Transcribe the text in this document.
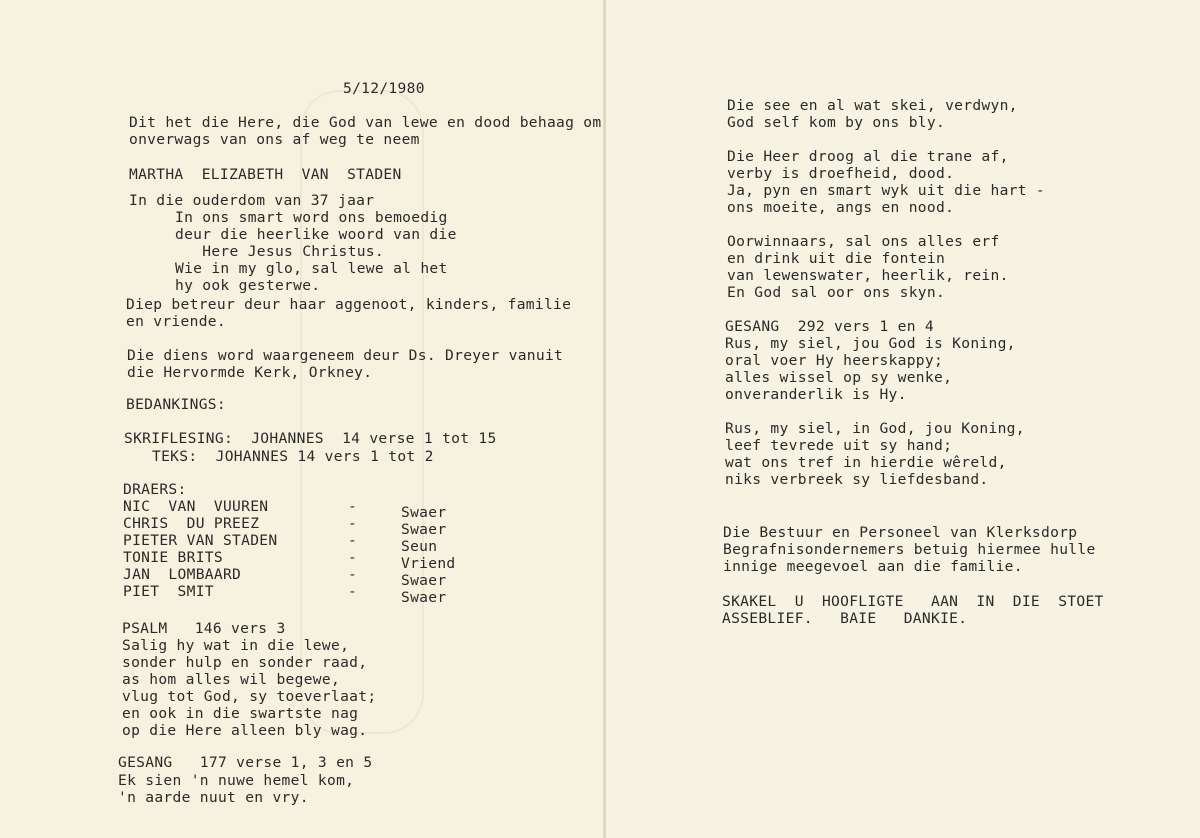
5/12/1980
Dit het die Here, die God van lewe en dood behaag om
onverwags van ons af weg te neem
MARTHA  ELIZABETH  VAN  STADEN
In die ouderdom van 37 jaar
In ons smart word ons bemoedig
deur die heerlike woord van die
Here Jesus Christus.
Wie in my glo, sal lewe al het
hy ook gesterwe.
Diep betreur deur haar aggenoot, kinders, familie
en vriende.
Die diens word waargeneem deur Ds. Dreyer vanuit
die Hervormde Kerk, Orkney.
BEDANKINGS:
SKRIFLESING:  JOHANNES  14 verse 1 tot 15
TEKS:  JOHANNES 14 vers 1 tot 2
DRAERS:
NIC  VAN  VUUREN	-	Swaer
CHRIS  DU PREEZ	-	Swaer
PIETER VAN STADEN	-	Seun
TONIE BRITS	-	Vriend
JAN  LOMBAARD	-	Swaer
PIET  SMIT	-	Swaer
PSALM   146 vers 3
Salig hy wat in die lewe,
sonder hulp en sonder raad,
as hom alles wil begewe,
vlug tot God, sy toeverlaat;
en ook in die swartste nag
op die Here alleen bly wag.
GESANG   177 verse 1, 3 en 5
Ek sien 'n nuwe hemel kom,
'n aarde nuut en vry.
Die see en al wat skei, verdwyn,
God self kom by ons bly.
Die Heer droog al die trane af,
verby is droefheid, dood.
Ja, pyn en smart wyk uit die hart -
ons moeite, angs en nood.
Oorwinnaars, sal ons alles erf
en drink uit die fontein
van lewenswater, heerlik, rein.
En God sal oor ons skyn.
GESANG  292 vers 1 en 4
Rus, my siel, jou God is Koning,
oral voer Hy heerskappy;
alles wissel op sy wenke,
onveranderlik is Hy.
Rus, my siel, in God, jou Koning,
leef tevrede uit sy hand;
wat ons tref in hierdie wêreld,
niks verbreek sy liefdesband.
Die Bestuur en Personeel van Klerksdorp
Begrafnisondernemers betuig hiermee hulle
innige meegevoel aan die familie.
SKAKEL  U  HOOFLIGTE   AAN  IN  DIE  STOET
ASSEBLIEF.   BAIE   DANKIE.
